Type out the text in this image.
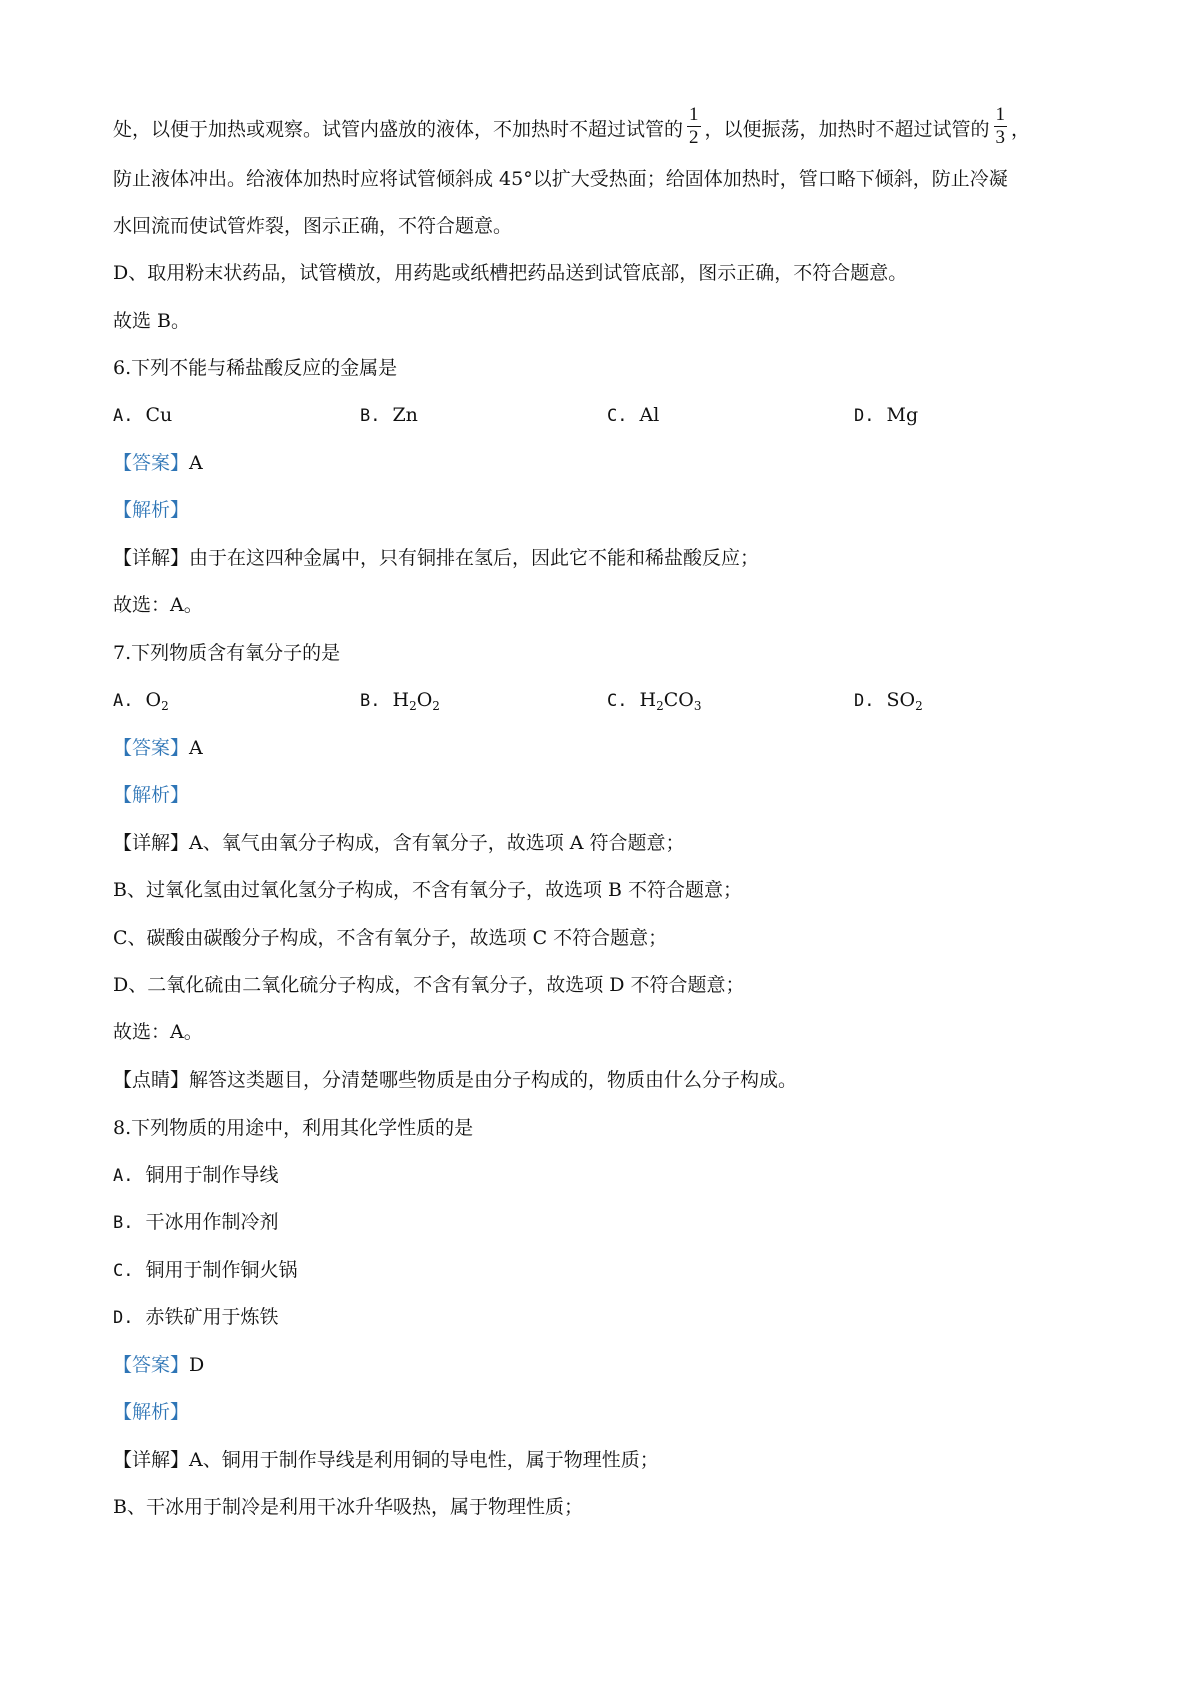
处，以便于加热或观察。试管内盛放的液体，不加热时不超过试管的 $\frac{1}{2}$ ，以便振荡，加热时不超过试管的 $\frac{1}{3}$ ，
防止液体冲出。给液体加热时应将试管倾斜成 45°以扩大受热面；给固体加热时，管口略下倾斜，防止冷凝
水回流而使试管炸裂，图示正确，不符合题意。
D、取用粉末状药品，试管横放，用药匙或纸槽把药品送到试管底部，图示正确，不符合题意。
故选 B。
6.下列不能与稀盐酸反应的金属是
A. Cu	B. Zn	C. Al	D. Mg
【答案】A
【解析】
【详解】由于在这四种金属中，只有铜排在氢后，因此它不能和稀盐酸反应；
故选：A。
7.下列物质含有氧分子的是
A. $O_2$	B. $H_2O_2$	C. $H_2CO_3$	D. $SO_2$
【答案】A
【解析】
【详解】A、氧气由氧分子构成，含有氧分子，故选项 A 符合题意；
B、过氧化氢由过氧化氢分子构成，不含有氧分子，故选项 B 不符合题意；
C、碳酸由碳酸分子构成，不含有氧分子，故选项 C 不符合题意；
D、二氧化硫由二氧化硫分子构成，不含有氧分子，故选项 D 不符合题意；
故选：A。
【点睛】解答这类题目，分清楚哪些物质是由分子构成的，物质由什么分子构成。
8.下列物质的用途中，利用其化学性质的是
A. 铜用于制作导线
B. 干冰用作制冷剂
C. 铜用于制作铜火锅
D. 赤铁矿用于炼铁
【答案】D
【解析】
【详解】A、铜用于制作导线是利用铜的导电性，属于物理性质；
B、干冰用于制冷是利用干冰升华吸热，属于物理性质；
